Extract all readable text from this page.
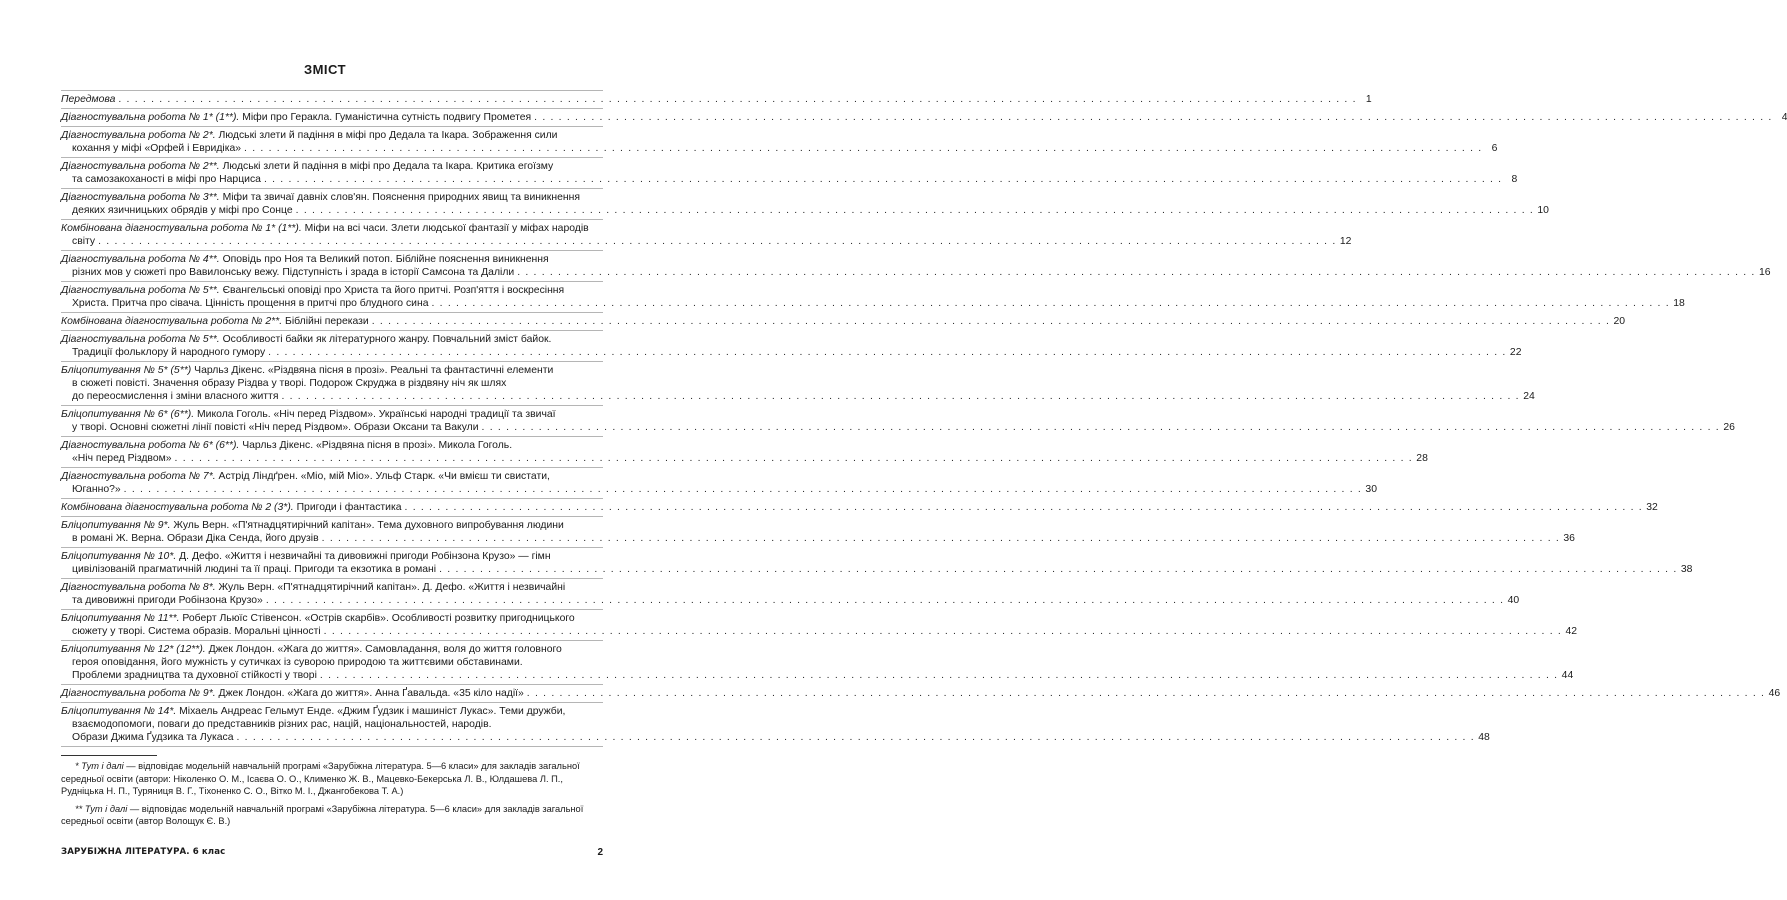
ЗМІСТ
Передмова . . .	1
Діагностувальна робота № 1* (1**). Міфи про Геракла. Гуманістична сутність подвигу Прометея . . .	4
Діагностувальна робота № 2*. Людські злети й падіння в міфі про Дедала та Ікара. Зображення сили
кохання у міфі «Орфей і Евридіка» . . .	6
Діагностувальна робота № 2**. Людські злети й падіння в міфі про Дедала та Ікара. Критика егоїзму
та самозакоханості в міфі про Нарциса . . .	8
Діагностувальна робота № 3**. Міфи та звичаї давніх слов'ян. Пояснення природних явищ та виникнення
деяких язичницьких обрядів у міфі про Сонце . . .	10
Комбінована діагностувальна робота № 1* (1**). Міфи на всі часи. Злети людської фантазії у міфах народів
світу . . .	12
Діагностувальна робота № 4**. Оповідь про Ноя та Великий потоп. Біблійне пояснення виникнення
різних мов у сюжеті про Вавилонську вежу. Підступність і зрада в історії Самсона та Даліли . . .	16
Діагностувальна робота № 5**. Євангельські оповіді про Христа та його притчі. Розп'яття і воскресіння
Христа. Притча про сівача. Цінність прощення в притчі про блудного сина . . .	18
Комбінована діагностувальна робота № 2**. Біблійні перекази . . .	20
Діагностувальна робота № 5**. Особливості байки як літературного жанру. Повчальний зміст байок.
Традиції фольклору й народного гумору . . .	22
Бліцопитування № 5* (5**) Чарльз Дікенс. «Різдвяна пісня в прозі». Реальні та фантастичні елементи
в сюжеті повісті. Значення образу Різдва у творі. Подорож Скруджа в різдвяну ніч як шлях
до переосмислення і зміни власного життя . . .	24
Бліцопитування № 6* (6**). Микола Гоголь. «Ніч перед Різдвом». Українські народні традиції та звичаї
у творі. Основні сюжетні лінії повісті «Ніч перед Різдвом». Образи Оксани та Вакули . . .	26
Діагностувальна робота № 6* (6**). Чарльз Дікенс. «Різдвяна пісня в прозі». Микола Гоголь.
«Ніч перед Різдвом» . . .	28
Діагностувальна робота № 7*. Астрід Ліндґрен. «Міо, мій Міо». Ульф Старк. «Чи вмієш ти свистати,
Юганно?» . . .	30
Комбінована діагностувальна робота № 2 (3*). Пригоди і фантастика . . .	32
Бліцопитування № 9*. Жуль Верн. «П'ятнадцятирічний капітан». Тема духовного випробування людини
в романі Ж. Верна. Образи Діка Сенда, його друзів . . .	36
Бліцопитування № 10*. Д. Дефо. «Життя і незвичайні та дивовижні пригоди Робінзона Крузо» — гімн
цивілізованій прагматичній людині та її праці. Пригоди та екзотика в романі . . .	38
Діагностувальна робота № 8*. Жуль Верн. «П'ятнадцятирічний капітан». Д. Дефо. «Життя і незвичайні
та дивовижні пригоди Робінзона Крузо» . . .	40
Бліцопитування № 11**. Роберт Льюїс Стівенсон. «Острів скарбів». Особливості розвитку пригодницького
сюжету у творі. Система образів. Моральні цінності . . .	42
Бліцопитування № 12* (12**). Джек Лондон. «Жага до життя». Самовладання, воля до життя головного
героя оповідання, його мужність у сутичках із суворою природою та життєвими обставинами.
Проблеми зрадництва та духовної стійкості у творі . . .	44
Діагностувальна робота № 9*. Джек Лондон. «Жага до життя». Анна Ґавальда. «35 кіло надії» . . .	46
Бліцопитування № 14*. Міхаель Андреас Гельмут Енде. «Джим Ґудзик і машиніст Лукас». Теми дружби,
взаємодопомоги, поваги до представників різних рас, націй, національностей, народів.
Образи Джима Ґудзика та Лукаса . . .	48
* Тут і далі — відповідає модельній навчальній програмі «Зарубіжна література. 5—6 класи» для закладів загальної середньої освіти (автори: Ніколенко О. М., Ісаєва О. О., Клименко Ж. В., Мацевко-Бекерська Л. В., Юлдашева Л. П., Рудніцька Н. П., Туряниця В. Г., Тіхоненко С. О., Вітко М. І., Джангобекова Т. А.)
** Тут і далі — відповідає модельній навчальній програмі «Зарубіжна література. 5—6 класи» для закладів загальної середньої освіти (автор Волощук Є. В.)
ЗАРУБІЖНА ЛІТЕРАТУРА. 6 клас	2
